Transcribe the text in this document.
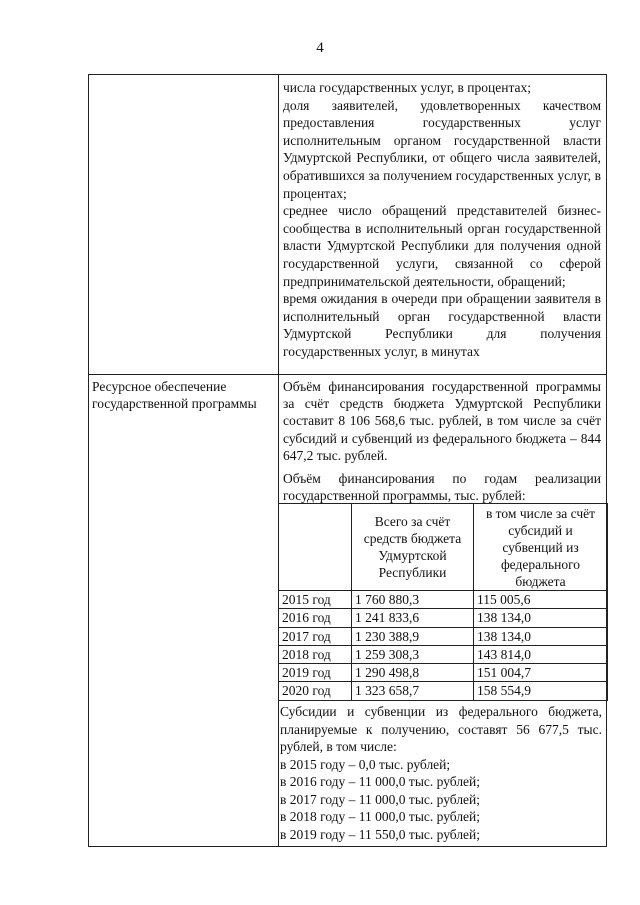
4
числа государственных услуг, в процентах;
доля заявителей, удовлетворенных качеством предоставления государственных услуг исполнительным органом государственной власти Удмуртской Республики, от общего числа заявителей, обратившихся за получением государственных услуг, в процентах;
среднее число обращений представителей бизнес-сообщества в исполнительный орган государственной власти Удмуртской Республики для получения одной государственной услуги, связанной со сферой предпринимательской деятельности, обращений;
время ожидания в очереди при обращении заявителя в исполнительный орган государственной власти Удмуртской Республики для получения государственных услуг, в минутах
Ресурсное обеспечение государственной программы

Объём финансирования государственной программы за счёт средств бюджета Удмуртской Республики составит 8 106 568,6 тыс. рублей, в том числе за счёт субсидий и субвенций из федерального бюджета – 844 647,2 тыс. рублей.

Объём финансирования по годам реализации государственной программы, тыс. рублей:

	Всего за счёт средств бюджета Удмуртской Республики	в том числе за счёт субсидий и субвенций из федерального бюджета
2015 год	1 760 880,3	115 005,6
2016 год	1 241 833,6	138 134,0
2017 год	1 230 388,9	138 134,0
2018 год	1 259 308,3	143 814,0
2019 год	1 290 498,8	151 004,7
2020 год	1 323 658,7	158 554,9
Субсидии и субвенции из федерального бюджета, планируемые к получению, составят 56 677,5 тыс. рублей, в том числе:
в 2015 году – 0,0 тыс. рублей;
в 2016 году – 11 000,0 тыс. рублей;
в 2017 году – 11 000,0 тыс. рублей;
в 2018 году – 11 000,0 тыс. рублей;
в 2019 году – 11 550,0 тыс. рублей;
